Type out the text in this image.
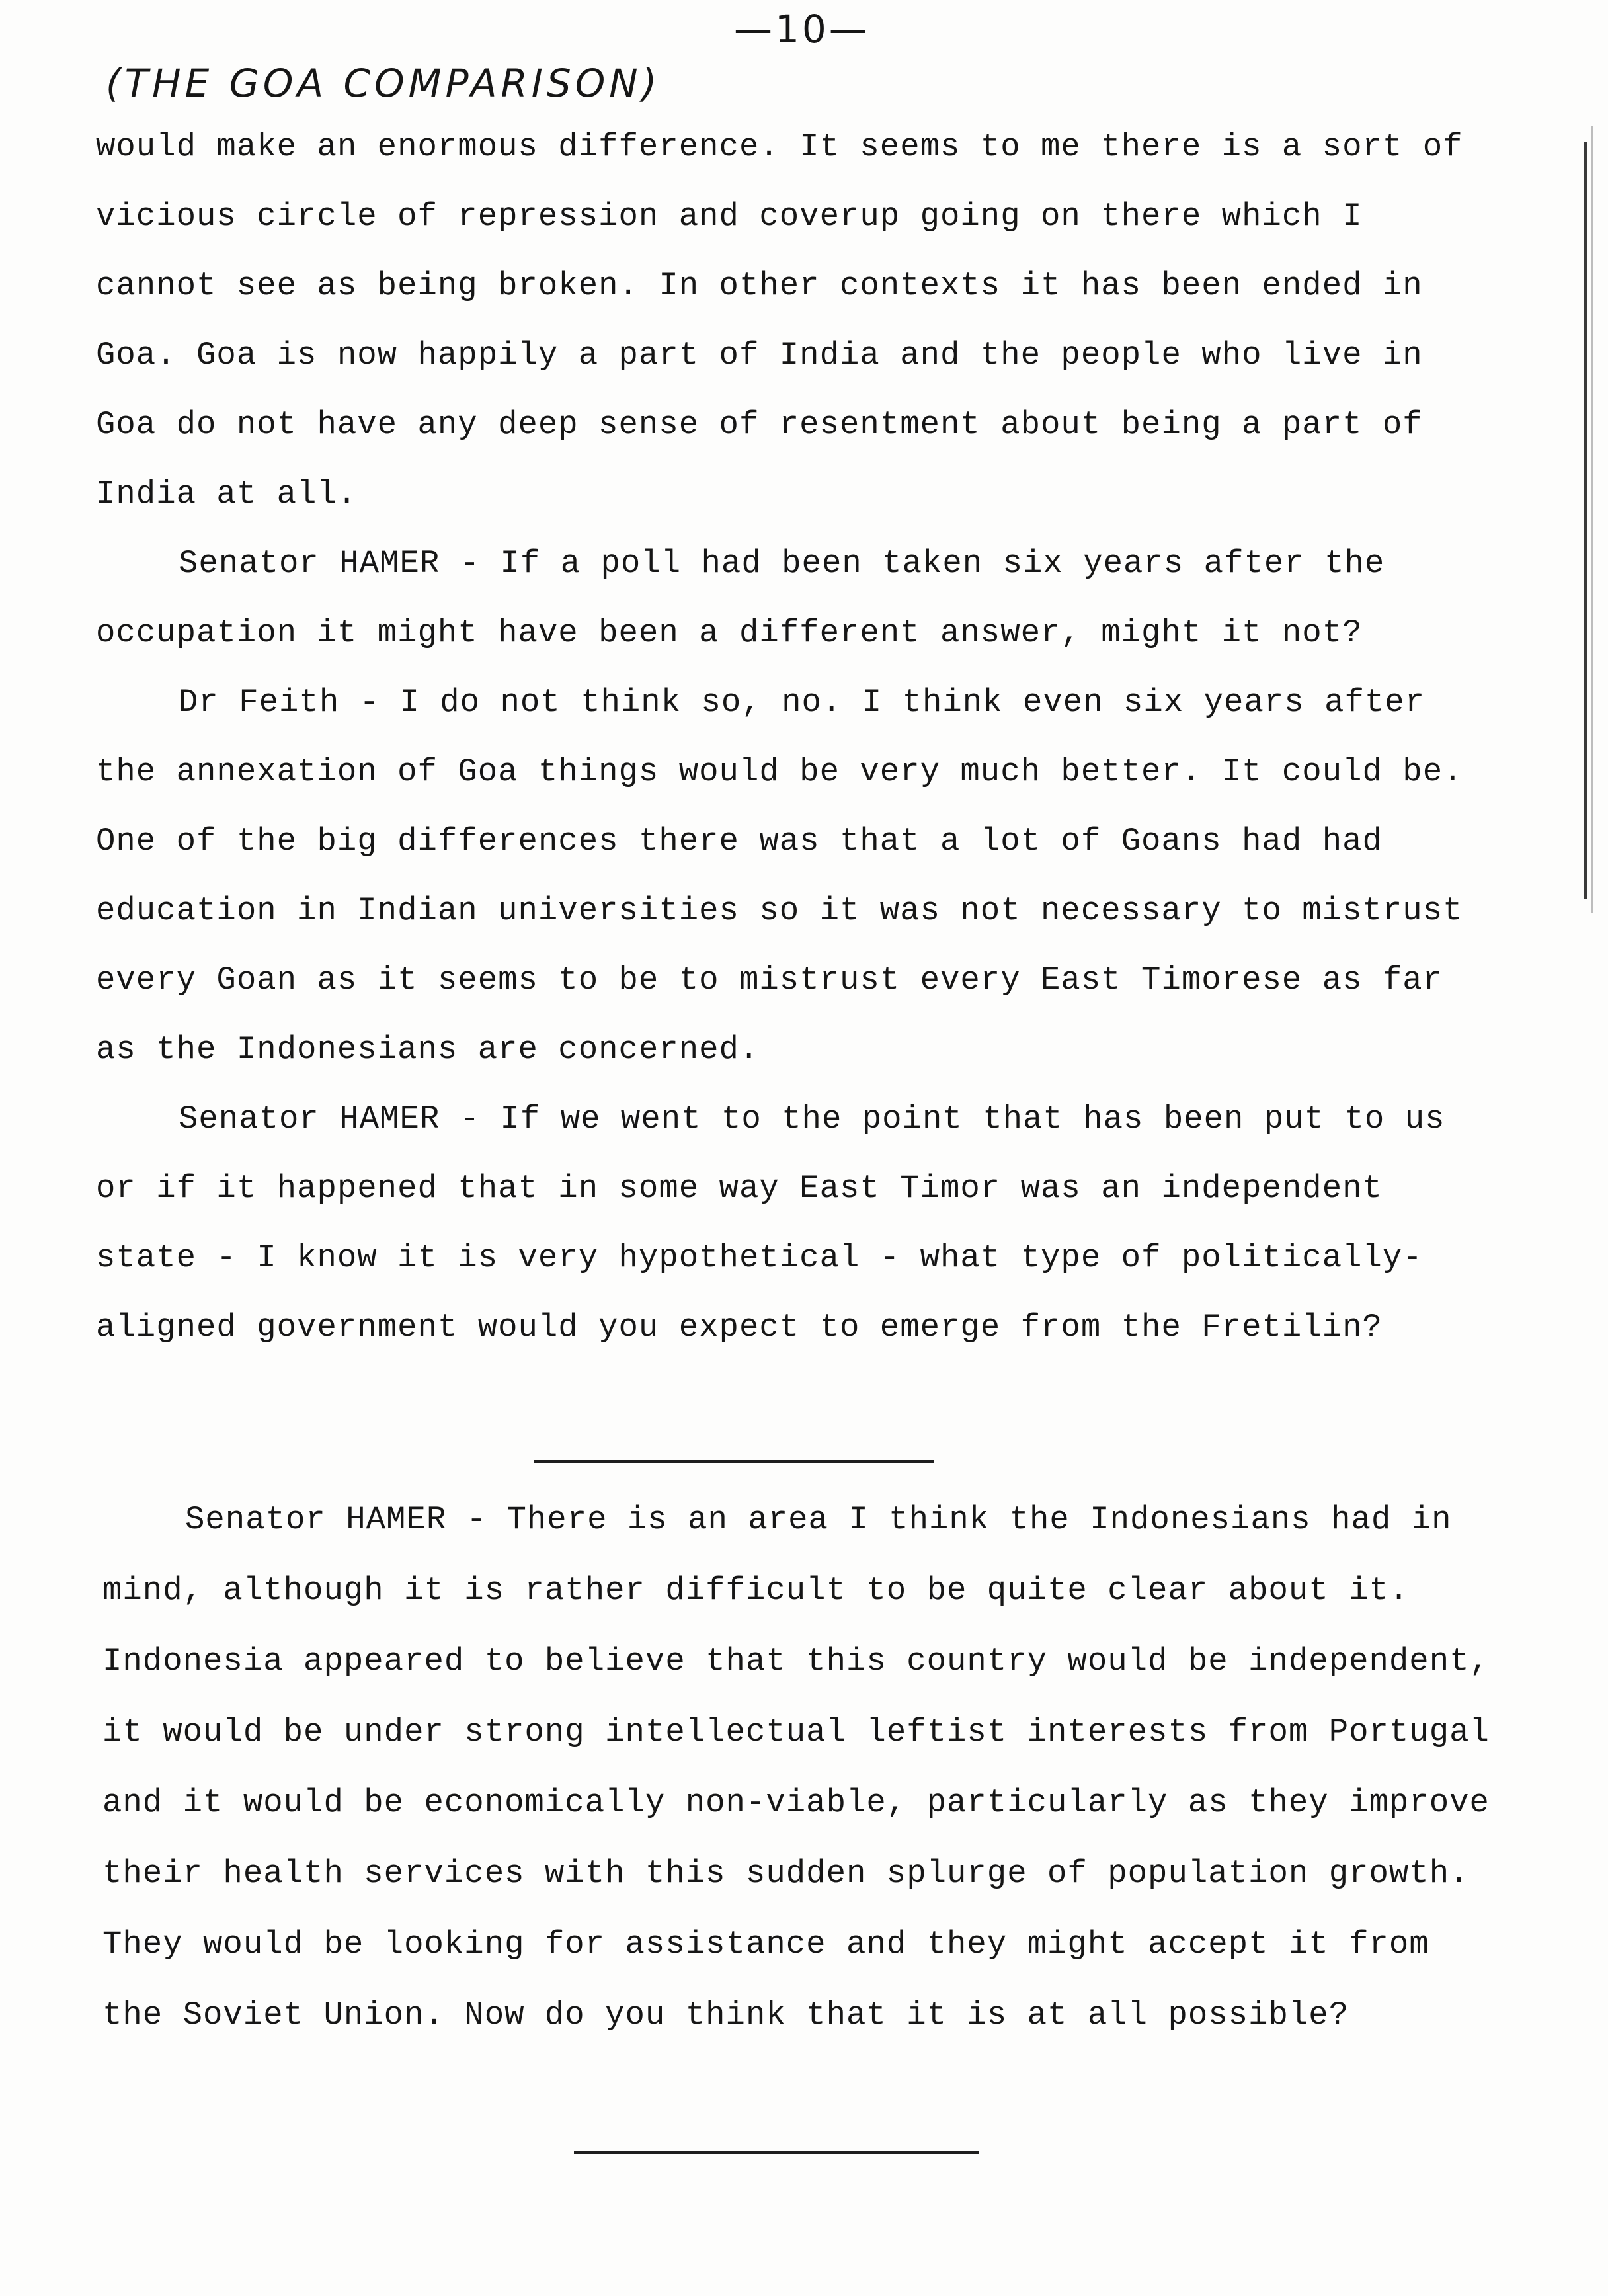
—10—
(THE GOA COMPARISON)

would make an enormous difference. It seems to me there is a sort of vicious circle of repression and coverup going on there which I cannot see as being broken. In other contexts it has been ended in Goa. Goa is now happily a part of India and the people who live in Goa do not have any deep sense of resentment about being a part of India at all.

Senator HAMER - If a poll had been taken six years after the occupation it might have been a different answer, might it not?

Dr Feith - I do not think so, no. I think even six years after the annexation of Goa things would be very much better. It could be. One of the big differences there was that a lot of Goans had had education in Indian universities so it was not necessary to mistrust every Goan as it seems to be to mistrust every East Timorese as far as the Indonesians are concerned.

Senator HAMER - If we went to the point that has been put to us or if it happened that in some way East Timor was an independent state - I know it is very hypothetical - what type of politically-aligned government would you expect to emerge from the Fretilin?

Senator HAMER - There is an area I think the Indonesians had in mind, although it is rather difficult to be quite clear about it. Indonesia appeared to believe that this country would be independent, it would be under strong intellectual leftist interests from Portugal and it would be economically non-viable, particularly as they improve their health services with this sudden splurge of population growth. They would be looking for assistance and they might accept it from the Soviet Union. Now do you think that it is at all possible?
